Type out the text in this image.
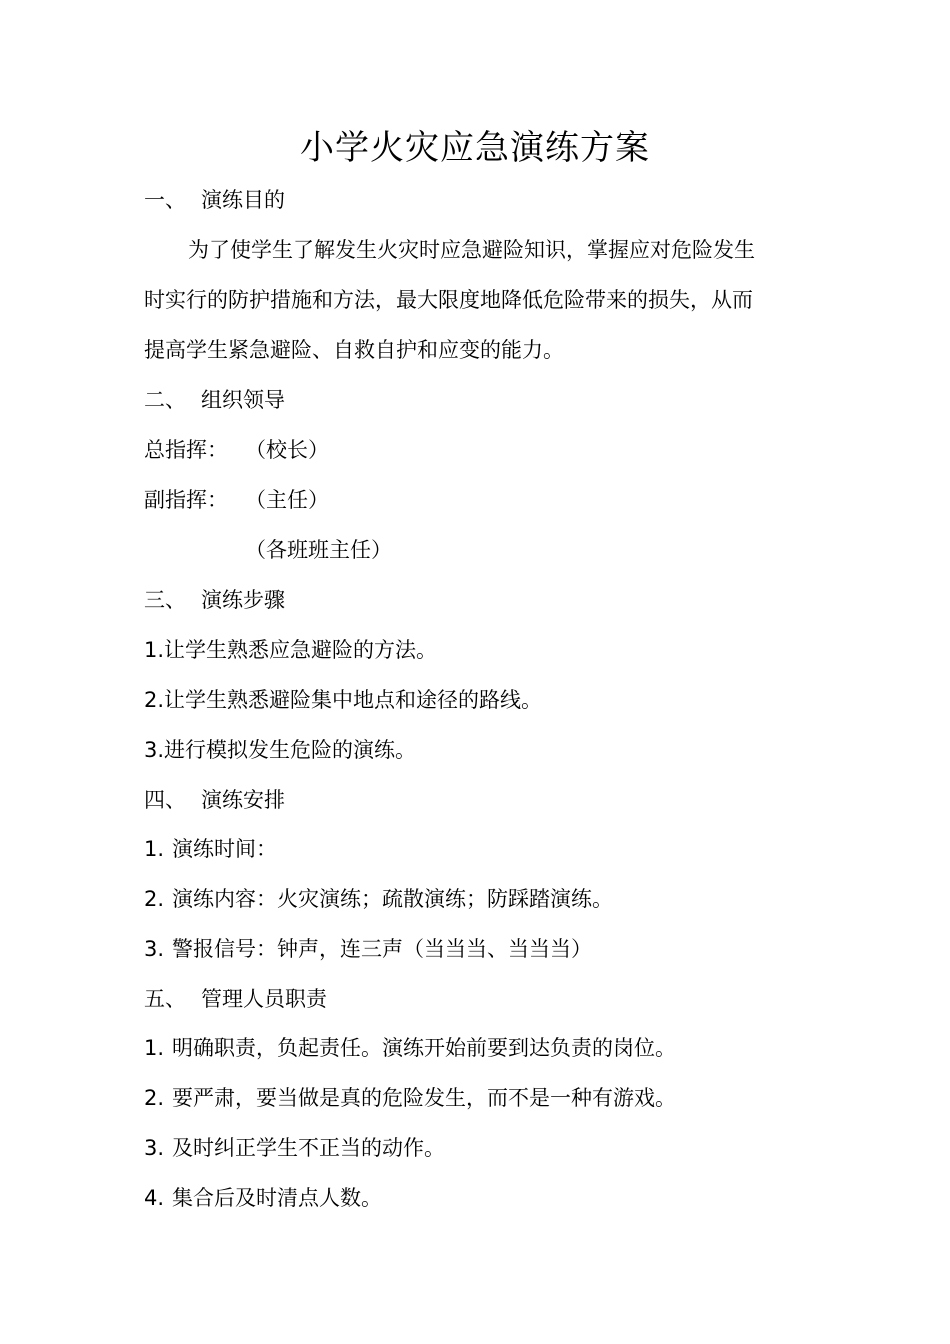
小学火灾应急演练方案
一、 演练目的
为了使学生了解发生火灾时应急避险知识，掌握应对危险发生
时实行的防护措施和方法，最大限度地降低危险带来的损失，从而
提高学生紧急避险、自救自护和应变的能力。
二、 组织领导
总指挥： （校长）
副指挥： （主任）
（各班班主任）
三、 演练步骤
1.让学生熟悉应急避险的方法。
2.让学生熟悉避险集中地点和途径的路线。
3.进行模拟发生危险的演练。
四、 演练安排
1. 演练时间：
2. 演练内容：火灾演练；疏散演练；防踩踏演练。
3. 警报信号：钟声，连三声（当当当、当当当）
五、 管理人员职责
1. 明确职责，负起责任。演练开始前要到达负责的岗位。
2. 要严肃，要当做是真的危险发生，而不是一种有游戏。
3. 及时纠正学生不正当的动作。
4. 集合后及时清点人数。
